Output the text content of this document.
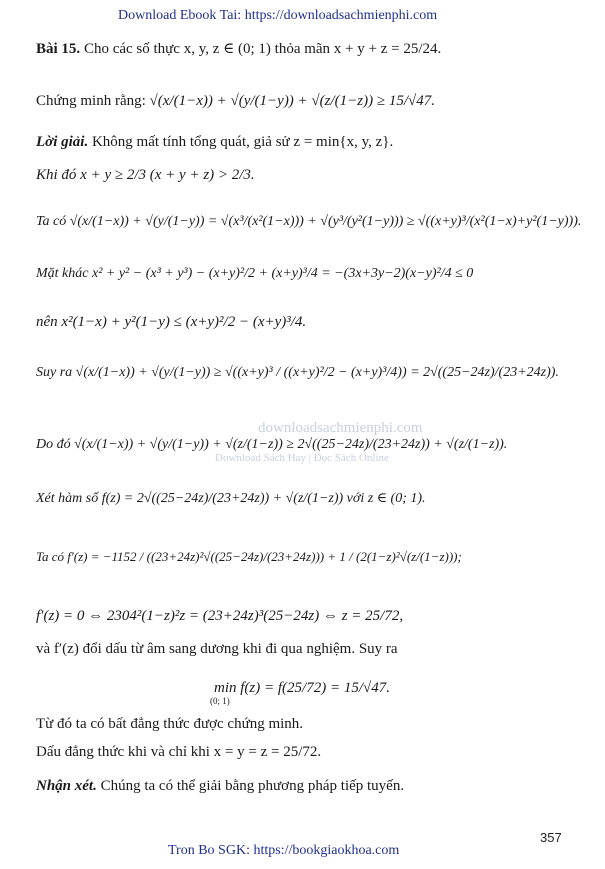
Download Ebook Tai: https://downloadsachmienphi.com
Bài 15. Cho các số thực x, y, z ∈ (0; 1) thỏa mãn x + y + z = 25/24.
Chứng minh rằng: √(x/(1−x)) + √(y/(1−y)) + √(z/(1−z)) ≥ 15/√47.
Lời giải. Không mất tính tổng quát, giả sử z = min{x, y, z}.
Khi đó x + y ≥ 2/3 (x + y + z) > 2/3.
Ta có √(x/(1−x)) + √(y/(1−y)) = √(x³/(x²(1−x))) + √(y³/(y²(1−y))) ≥ √((x+y)³/(x²(1−x)+y²(1−y))).
Mặt khác x² + y² − (x³ + y³) − (x+y)²/2 + (x+y)³/4 = −(3x+3y−2)(x−y)²/4 ≤ 0
nên x²(1−x) + y²(1−y) ≤ (x+y)²/2 − (x+y)³/4.
Suy ra √(x/(1−x)) + √(y/(1−y)) ≥ √((x+y)³ / ((x+y)²/2 − (x+y)³/4)) = 2√((25−24z)/(23+24z)).
downloadsachmienphi.com
Download Sách Hay | Đọc Sách Online
Do đó √(x/(1−x)) + √(y/(1−y)) + √(z/(1−z)) ≥ 2√((25−24z)/(23+24z)) + √(z/(1−z)).
Xét hàm số f(z) = 2√((25−24z)/(23+24z)) + √(z/(1−z)) với z ∈ (0; 1).
Ta có f′(z) = −1152 / ((23+24z)²√((25−24z)/(23+24z))) + 1 / (2(1−z)²√(z/(1−z)));
f′(z) = 0 ⇔ 2304²(1−z)²z = (23+24z)³(25−24z) ⇔ z = 25/72,
và f′(z) đổi dấu từ âm sang dương khi đi qua nghiệm. Suy ra
min f(z) = f(25/72) = 15/√47.
(0; 1)
Từ đó ta có bất đẳng thức được chứng minh.
Dấu đẳng thức khi và chỉ khi x = y = z = 25/72.
Nhận xét. Chúng ta có thể giải bằng phương pháp tiếp tuyến.
357
Tron Bo SGK: https://bookgiaokhoa.com
